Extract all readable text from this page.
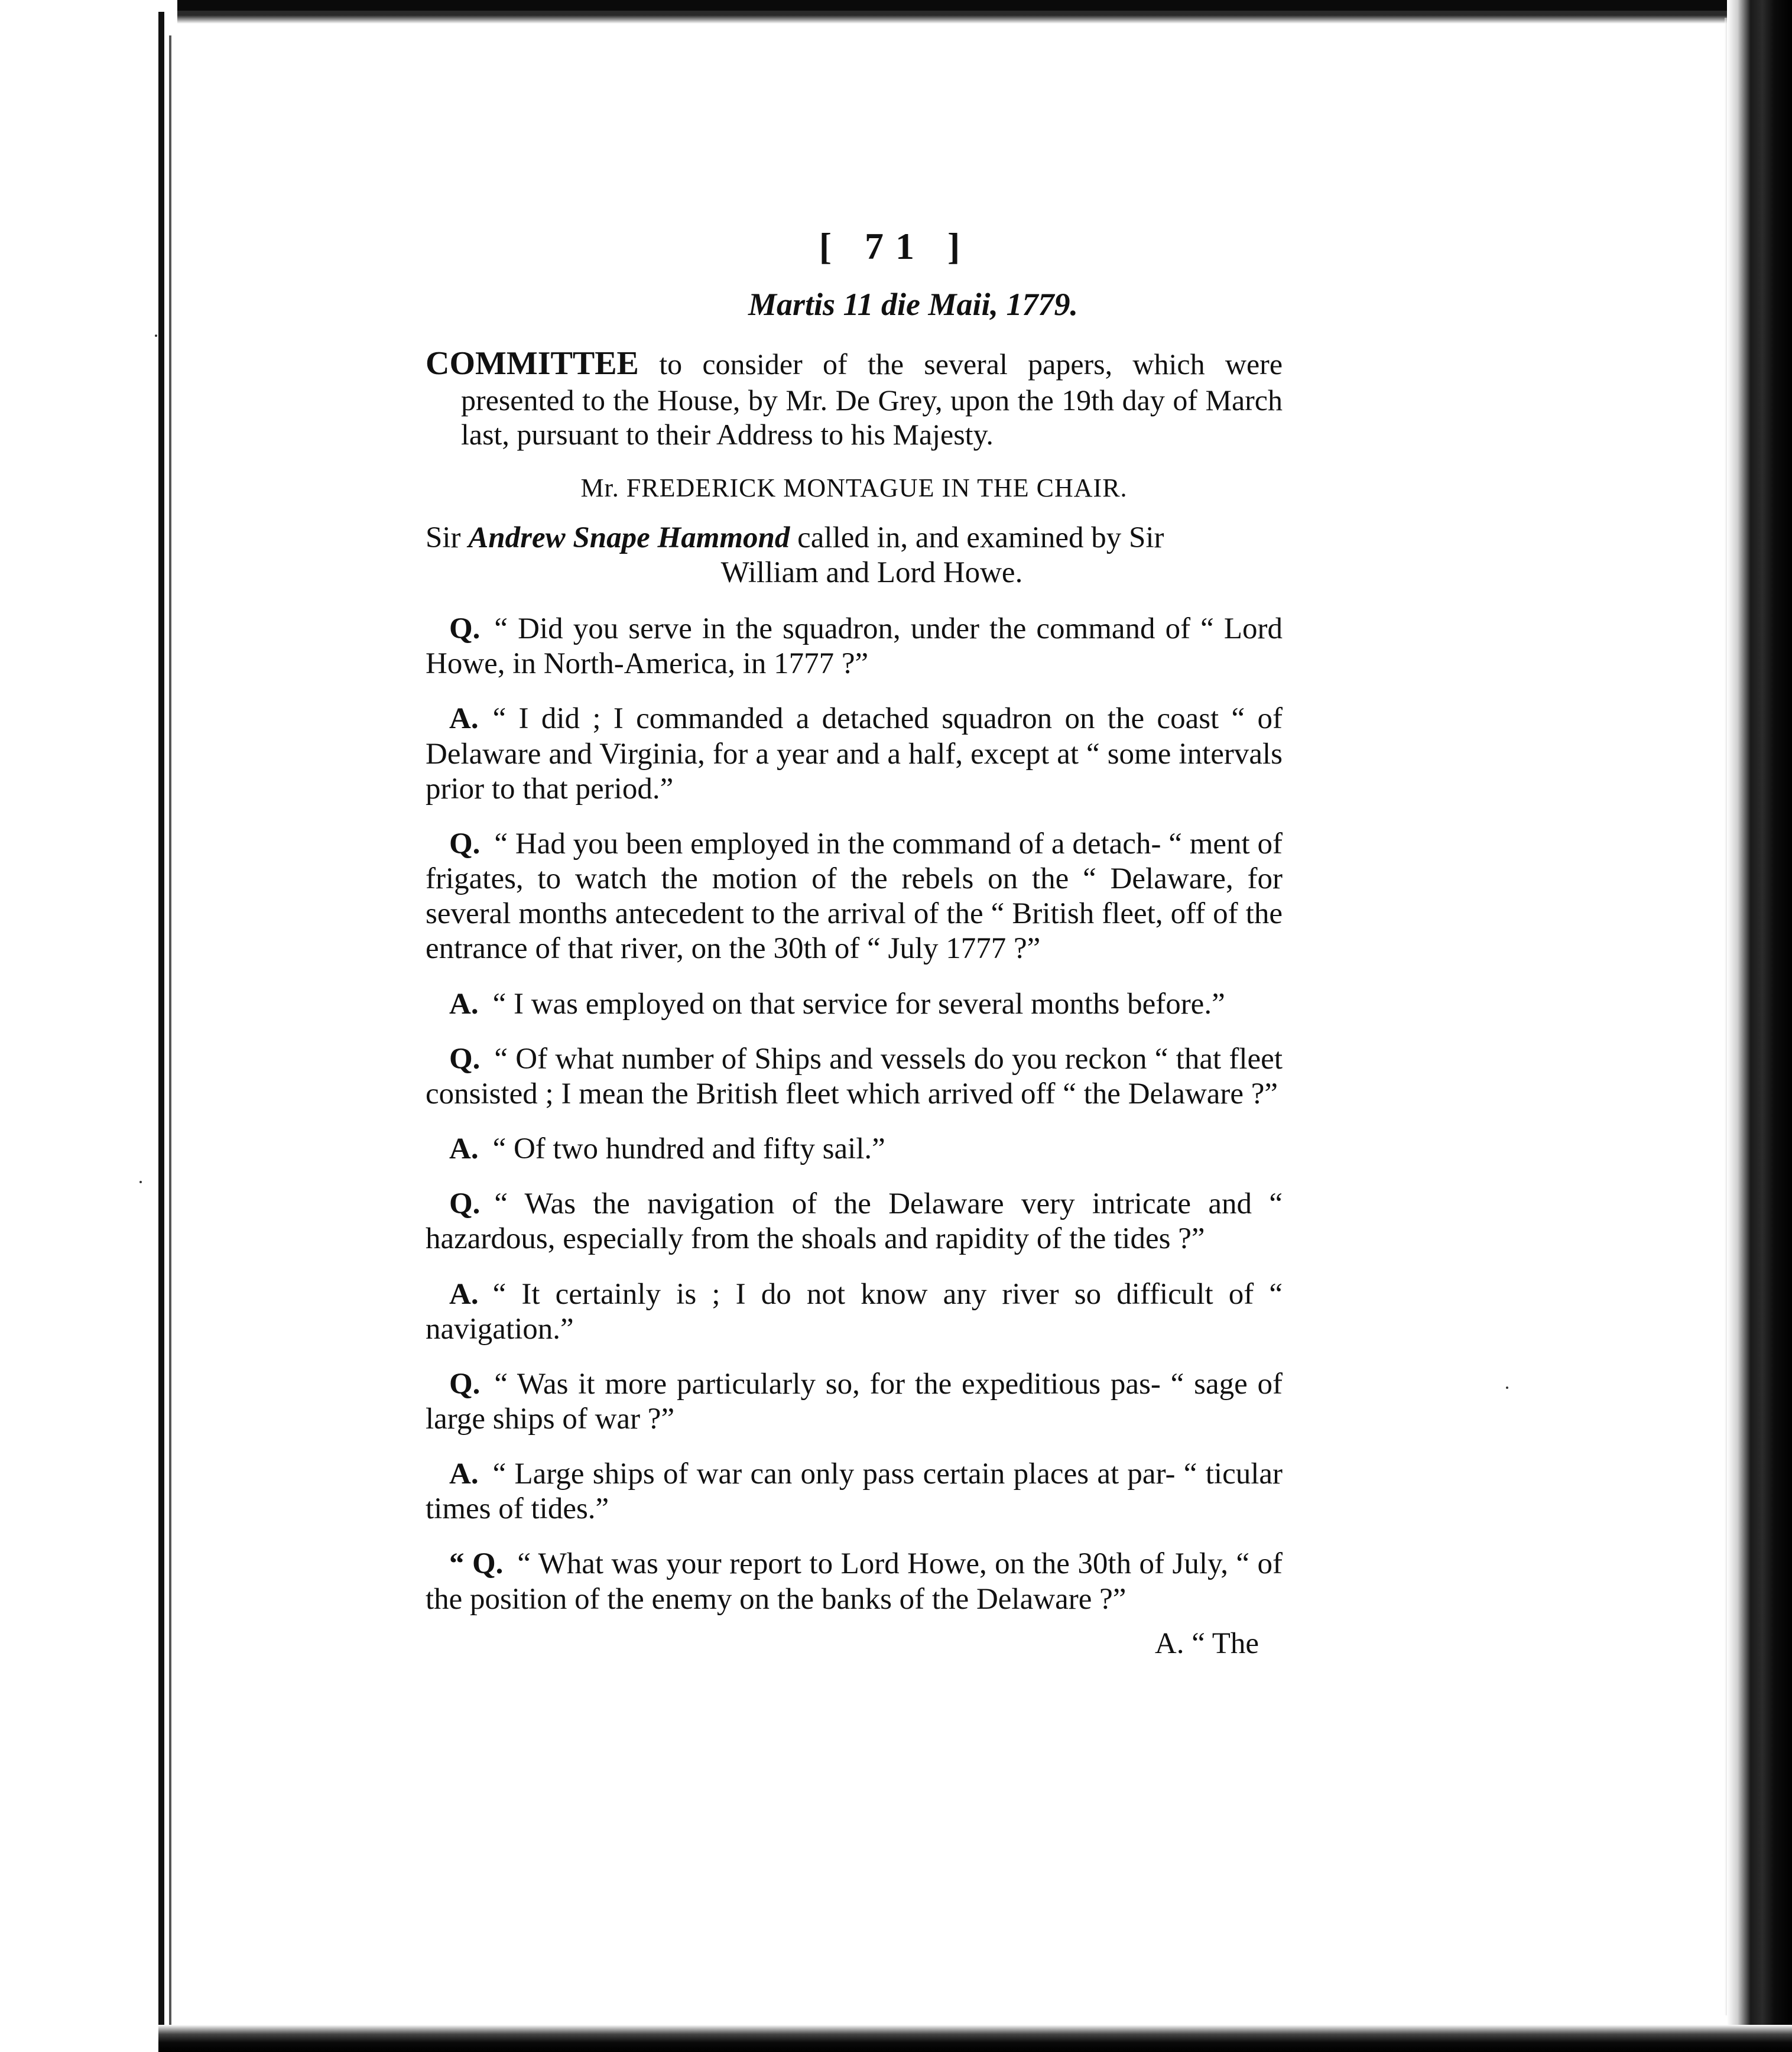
[ 71 ]
Martis 11 die Maii, 1779.

COMMITTEE to consider of the several papers, which were presented to the House, by Mr. De Grey, upon the 19th day of March last, pursuant to their Address to his Majesty.

Mr. FREDERICK MONTAGUE IN THE CHAIR.

Sir Andrew Snape Hammond called in, and examined by Sir
William and Lord Howe.

Q. “ Did you serve in the squadron, under the command of “ Lord Howe, in North-America, in 1777 ?”

A. “ I did ; I commanded a detached squadron on the coast “ of Delaware and Virginia, for a year and a half, except at “ some intervals prior to that period.”

Q. “ Had you been employed in the command of a detach- “ ment of frigates, to watch the motion of the rebels on the “ Delaware, for several months antecedent to the arrival of the “ British fleet, off of the entrance of that river, on the 30th of “ July 1777 ?”

A. “ I was employed on that service for several months before.”

Q. “ Of what number of Ships and vessels do you reckon “ that fleet consisted ; I mean the British fleet which arrived off “ the Delaware ?”

A. “ Of two hundred and fifty sail.”

Q. “ Was the navigation of the Delaware very intricate and “ hazardous, especially from the shoals and rapidity of the tides ?”

A. “ It certainly is ; I do not know any river so difficult of “ navigation.”

Q. “ Was it more particularly so, for the expeditious pas- “ sage of large ships of war ?”

A. “ Large ships of war can only pass certain places at par- “ ticular times of tides.”

“ Q. “ What was your report to Lord Howe, on the 30th of July, “ of the position of the enemy on the banks of the Delaware ?”

A. “ The
